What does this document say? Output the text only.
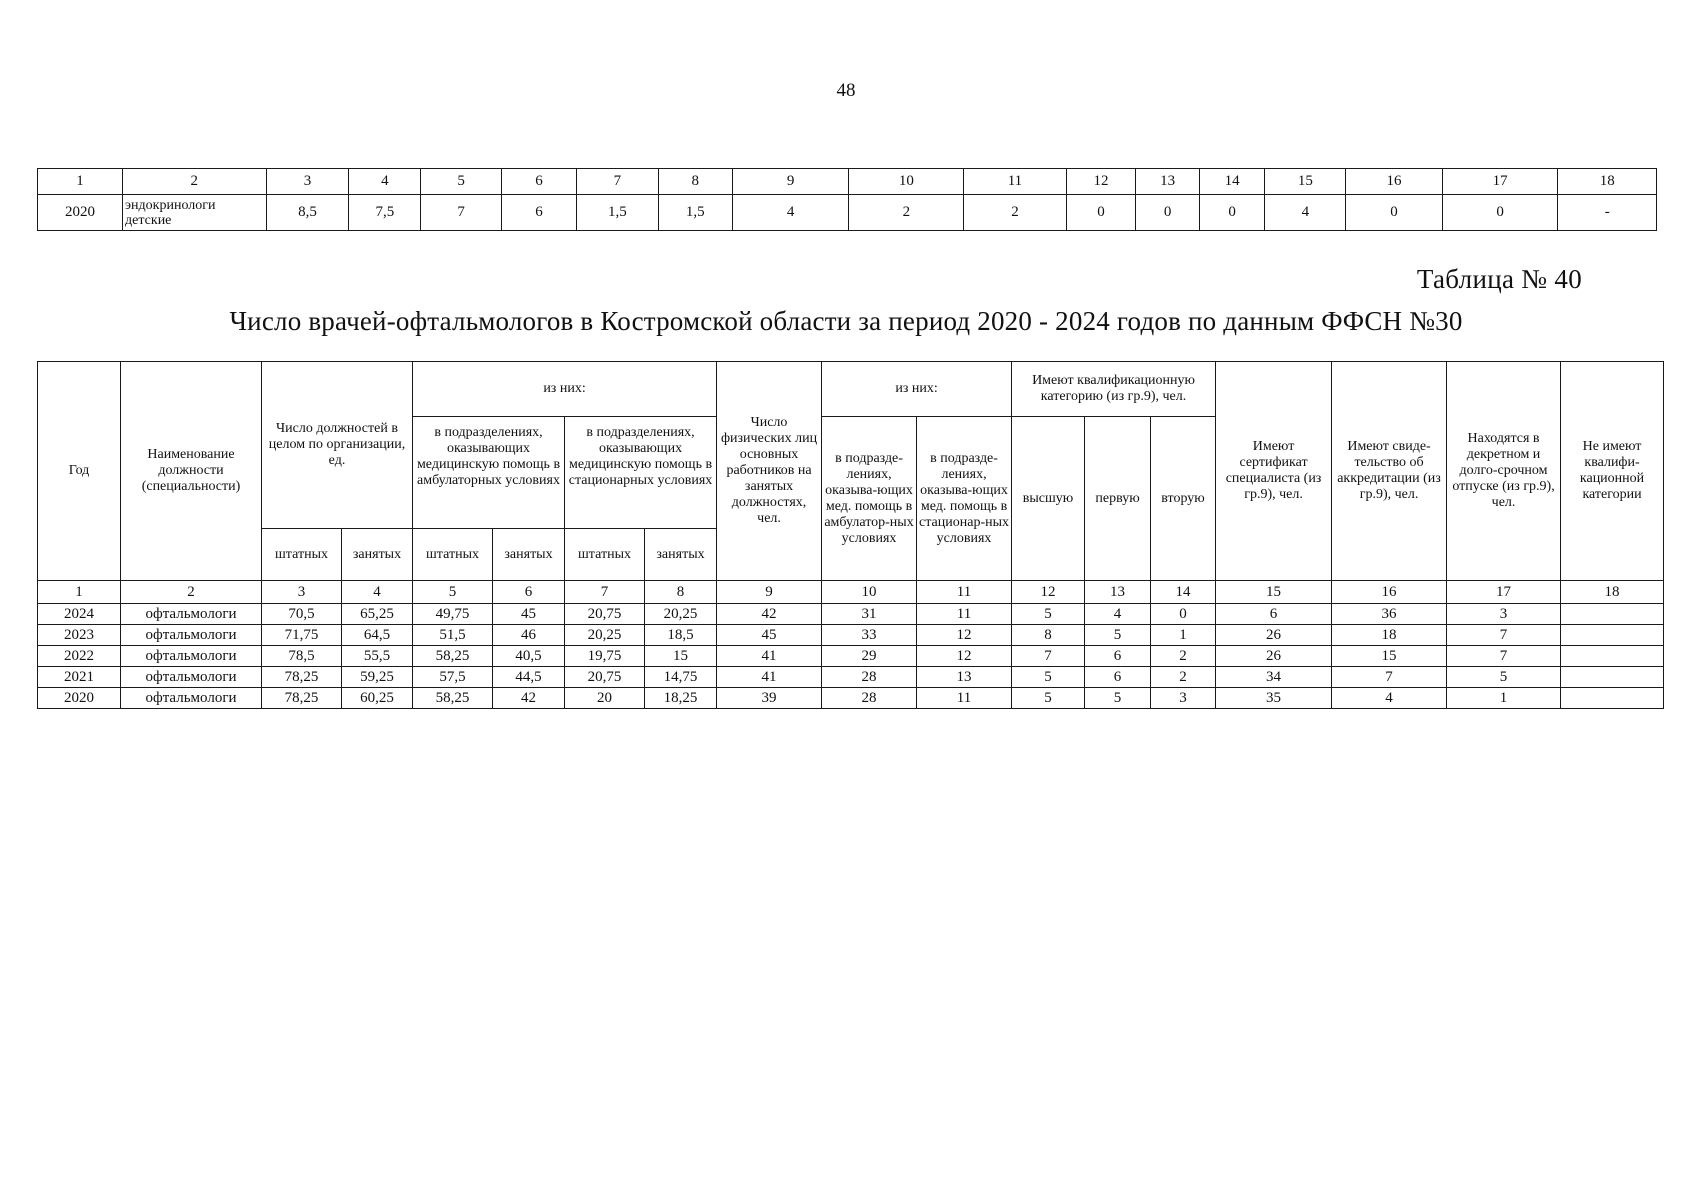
48
1	2	3	4	5	6	7	8	9	10	11	12	13	14	15	16	17	18
2020	эндокринологи детские	8,5	7,5	7	6	1,5	1,5	4	2	2	0	0	0	4	0	0	-
Таблица № 40
Число врачей-офтальмологов в Костромской области за период 2020 - 2024 годов по данным ФФСН №30
Год	Наименование должности (специальности)	Число должностей в целом по организации, ед.		из них:				Число физических лиц основных работников на занятых должностях, чел.	из них:		Имеют квалификационную категорию (из гр.9), чел.			Имеют сертификат специалиста (из гр.9), чел.	Имеют свиде-тельство об аккредитации (из гр.9), чел.	Находятся в декретном и долго-срочном отпуске (из гр.9), чел.	Не имеют квалифи-кационной категории
				в подразделениях, оказывающих медицинскую помощь в амбулаторных условиях		в подразделениях, оказывающих медицинскую помощь в стационарных условиях			в подразде-лениях, оказыва-ющих мед. помощь в амбулатор-ных условиях	в подразде-лениях, оказыва-ющих мед. помощь в стационар-ных условиях	высшую	первую	вторую				
		штатных	занятых	штатных	занятых	штатных	занятых										
1	2	3	4	5	6	7	8	9	10	11	12	13	14	15	16	17	18
2024	офтальмологи	70,5	65,25	49,75	45	20,75	20,25	42	31	11	5	4	0	6	36	3	
2023	офтальмологи	71,75	64,5	51,5	46	20,25	18,5	45	33	12	8	5	1	26	18	7	
2022	офтальмологи	78,5	55,5	58,25	40,5	19,75	15	41	29	12	7	6	2	26	15	7	
2021	офтальмологи	78,25	59,25	57,5	44,5	20,75	14,75	41	28	13	5	6	2	34	7	5	
2020	офтальмологи	78,25	60,25	58,25	42	20	18,25	39	28	11	5	5	3	35	4	1	
